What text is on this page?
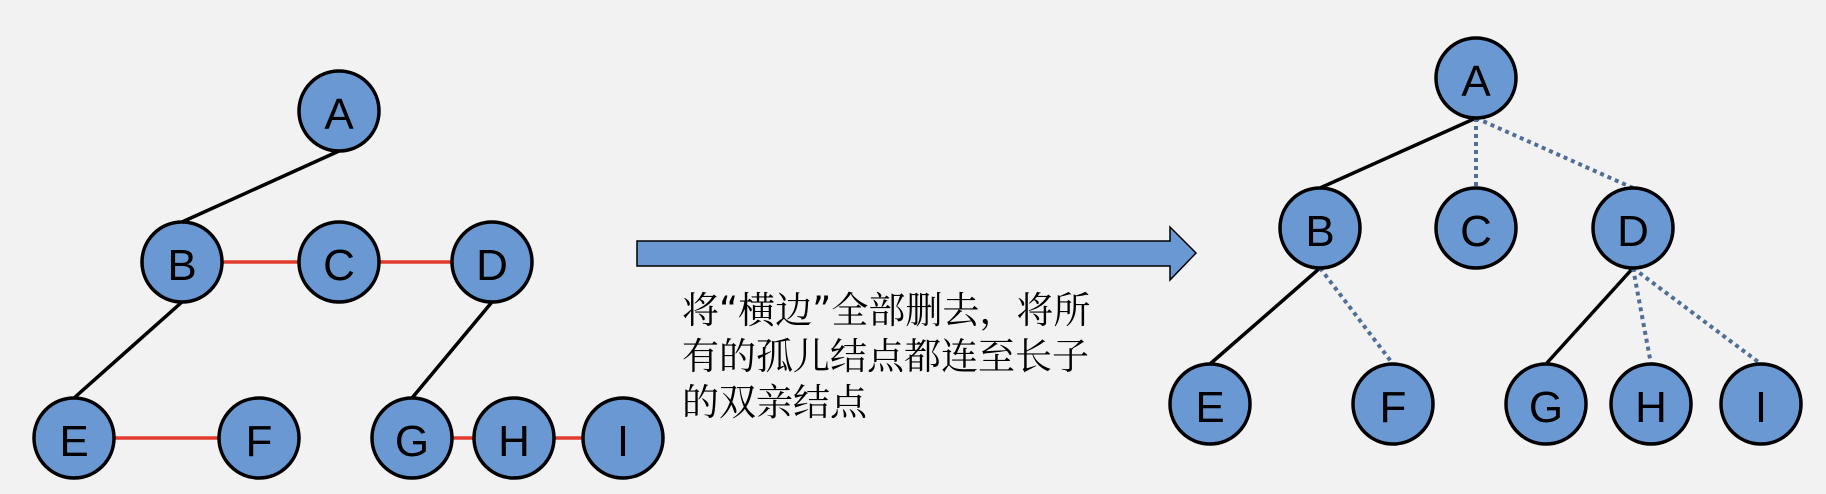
A
B	C	D
E	F	G H I
A
B	C	D
E	F	G H I
将“横边”全部删去，将所
有的孤儿结点都连至长子
的双亲结点
